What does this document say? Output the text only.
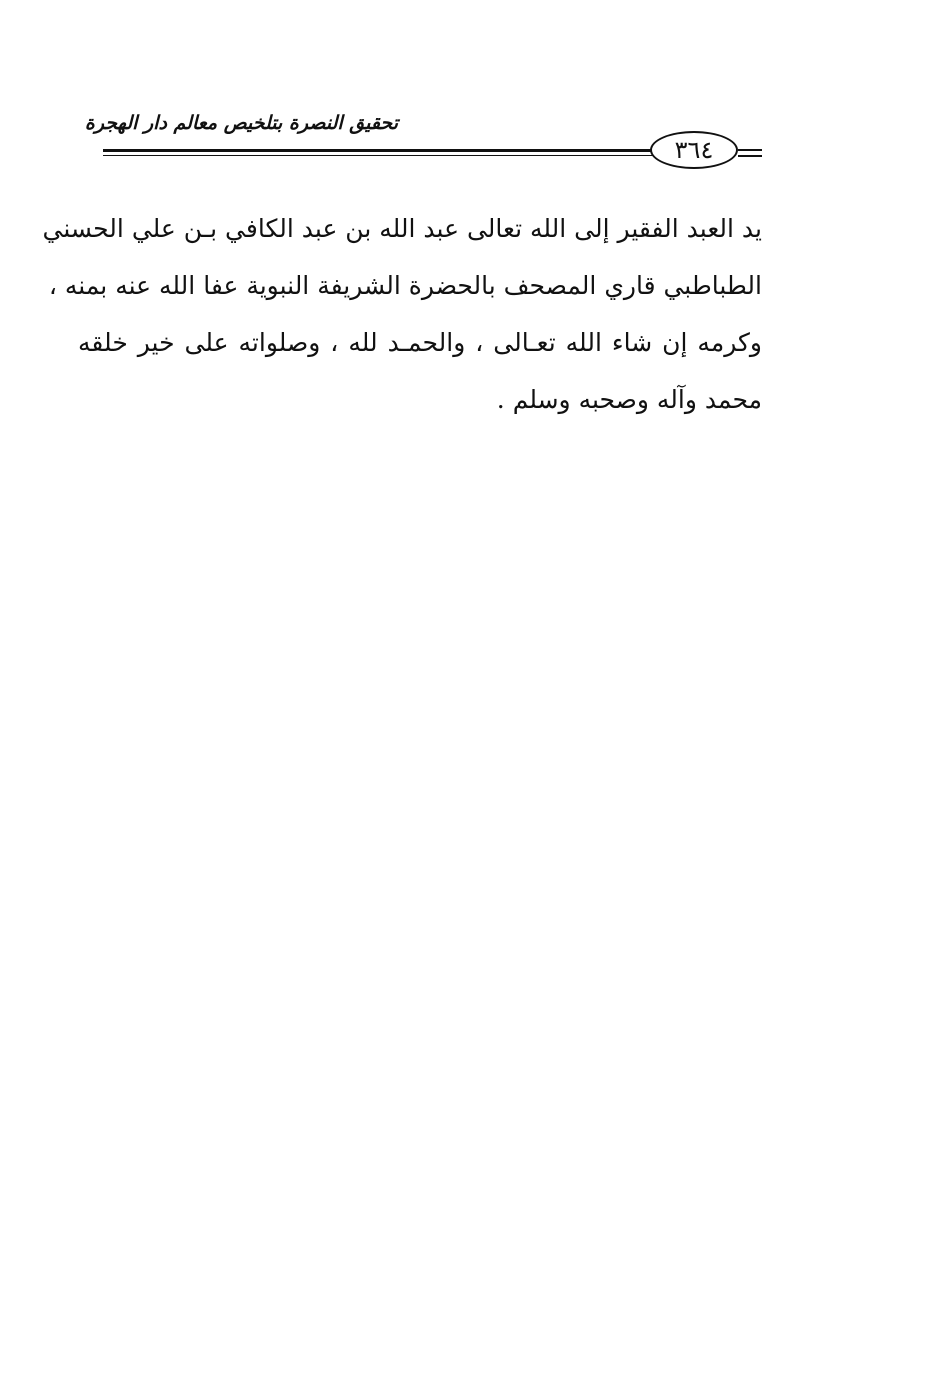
تحقيق النصرة بتلخيص معالم دار الهجرة
٣٦٤
يد العبد الفقير إلى الله تعالى عبد الله بن عبد الكافي بـن علي الحسني
الطباطبي قاري المصحف بالحضرة الشريفة النبوية عفا الله عنه بمنه ،
وكرمه إن شاء الله تعـالى ، والحمـد لله ، وصلواته على خير خلقه
محمد وآله وصحبه وسلم .
